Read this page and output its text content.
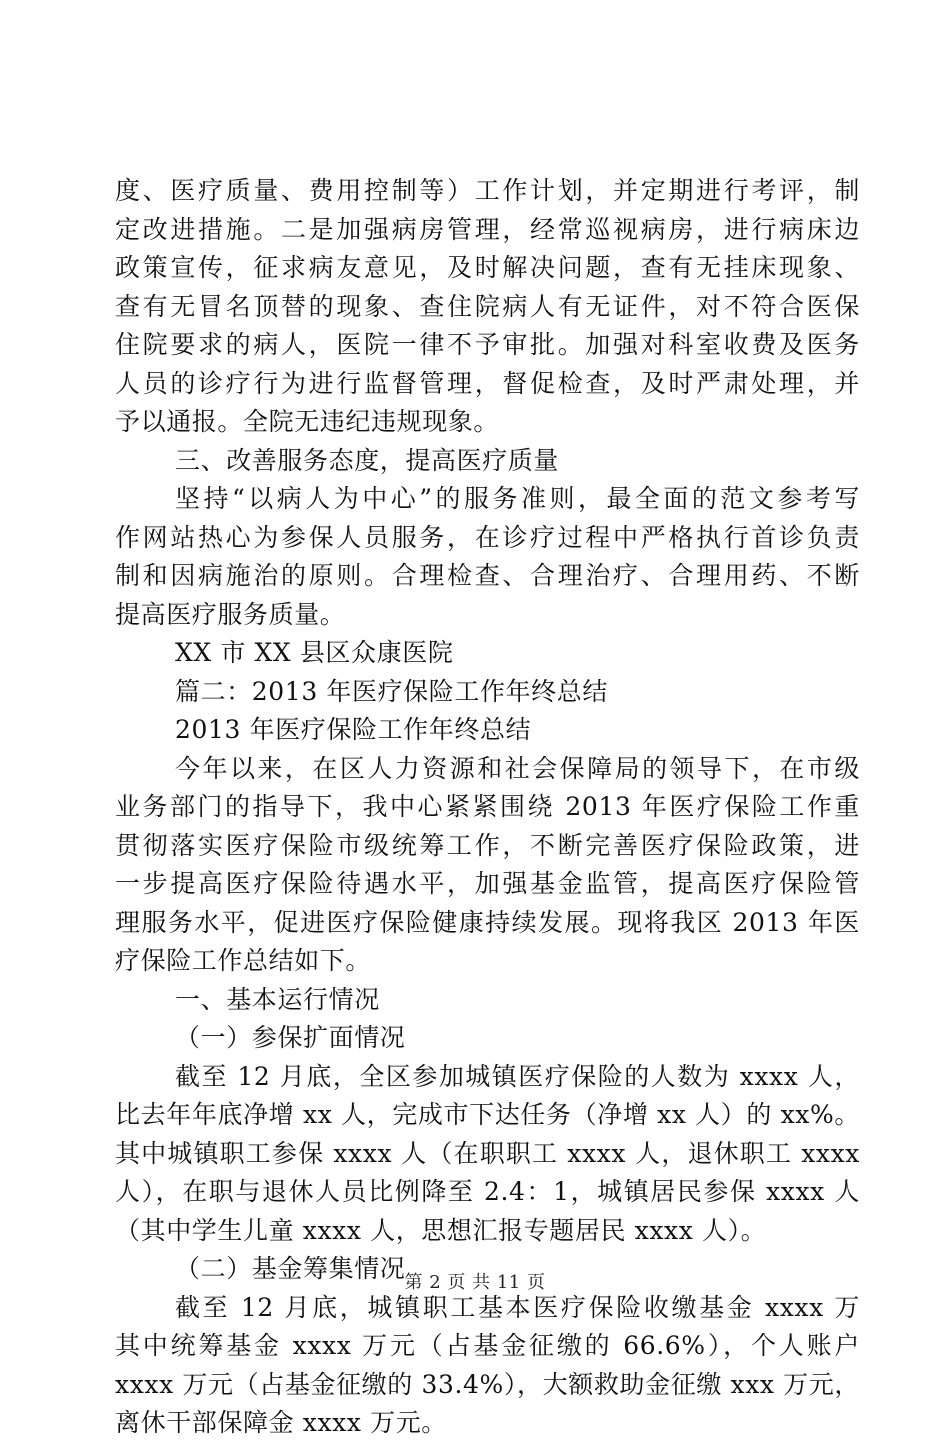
度、医疗质量、费用控制等）工作计划，并定期进行考评，制
定改进措施。二是加强病房管理，经常巡视病房，进行病床边
政策宣传，征求病友意见，及时解决问题，查有无挂床现象、
查有无冒名顶替的现象、查住院病人有无证件，对不符合医保
住院要求的病人，医院一律不予审批。加强对科室收费及医务
人员的诊疗行为进行监督管理，督促检查，及时严肃处理，并
予以通报。全院无违纪违规现象。
三、改善服务态度，提高医疗质量
坚持“以病人为中心”的服务准则，最全面的范文参考写
作网站热心为参保人员服务，在诊疗过程中严格执行首诊负责
制和因病施治的原则。合理检查、合理治疗、合理用药、不断
提高医疗服务质量。
XX 市 XX 县区众康医院
篇二：2013 年医疗保险工作年终总结
2013 年医疗保险工作年终总结
今年以来，在区人力资源和社会保障局的领导下，在市级
业务部门的指导下，我中心紧紧围绕 2013 年医疗保险工作重
贯彻落实医疗保险市级统筹工作，不断完善医疗保险政策，进
一步提高医疗保险待遇水平，加强基金监管，提高医疗保险管
理服务水平，促进医疗保险健康持续发展。现将我区 2013 年医
疗保险工作总结如下。
一、基本运行情况
（一）参保扩面情况
截至 12 月底，全区参加城镇医疗保险的人数为 xxxx 人，
比去年年底净增 xx 人，完成市下达任务（净增 xx 人）的 xx%。
其中城镇职工参保 xxxx 人（在职职工 xxxx 人，退休职工 xxxx
人），在职与退休人员比例降至 2.4：1，城镇居民参保 xxxx 人
（其中学生儿童 xxxx 人，思想汇报专题居民 xxxx 人）。
（二）基金筹集情况
截至 12 月底，城镇职工基本医疗保险收缴基金 xxxx 万
其中统筹基金 xxxx 万元（占基金征缴的 66.6%），个人账户
xxxx 万元（占基金征缴的 33.4%），大额救助金征缴 xxx 万元，
离休干部保障金 xxxx 万元。
第 2 页 共 11 页
